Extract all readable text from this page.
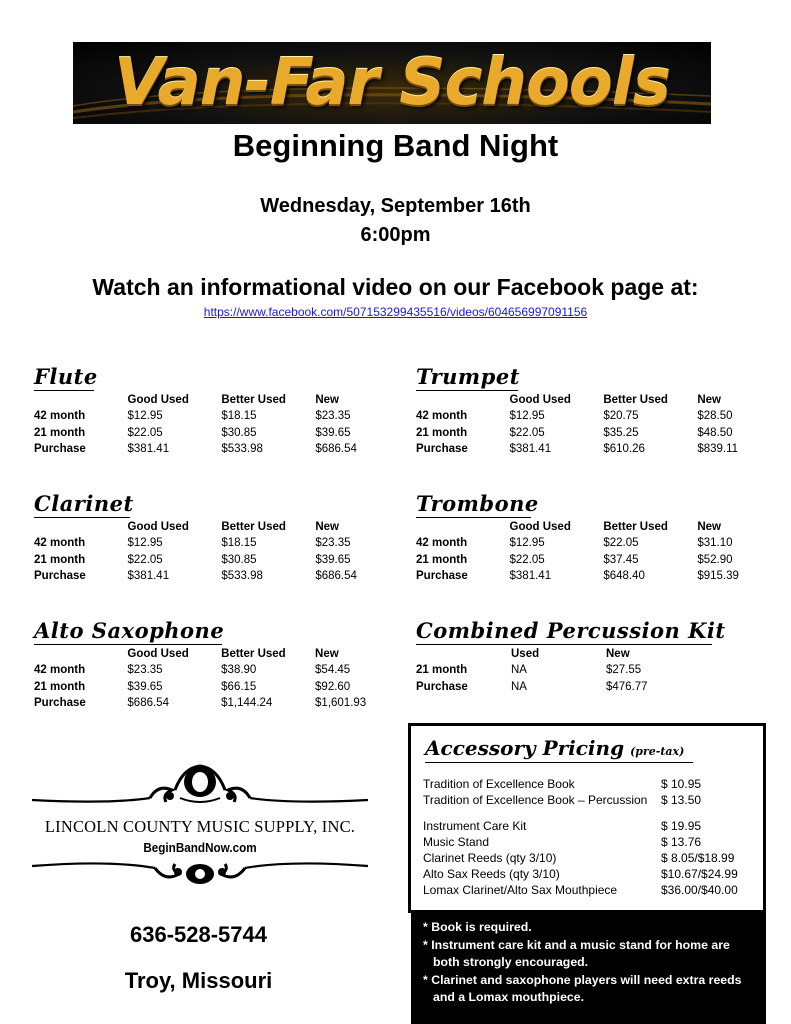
Van-Far Schools
Beginning Band Night
Wednesday, September 16th
6:00pm
Watch an informational video on our Facebook page at:
https://www.facebook.com/507153299435516/videos/604656997091156
Flute
	Good Used	Better Used	New
42 month	$12.95	$18.15	$23.35
21 month	$22.05	$30.85	$39.65
Purchase	$381.41	$533.98	$686.54
Trumpet
	Good Used	Better Used	New
42 month	$12.95	$20.75	$28.50
21 month	$22.05	$35.25	$48.50
Purchase	$381.41	$610.26	$839.11
Clarinet
	Good Used	Better Used	New
42 month	$12.95	$18.15	$23.35
21 month	$22.05	$30.85	$39.65
Purchase	$381.41	$533.98	$686.54
Trombone
	Good Used	Better Used	New
42 month	$12.95	$22.05	$31.10
21 month	$22.05	$37.45	$52.90
Purchase	$381.41	$648.40	$915.39
Alto Saxophone
	Good Used	Better Used	New
42 month	$23.35	$38.90	$54.45
21 month	$39.65	$66.15	$92.60
Purchase	$686.54	$1,144.24	$1,601.93
Combined Percussion Kit
	Used	New
21 month	NA	$27.55
Purchase	NA	$476.77
LINCOLN COUNTY MUSIC SUPPLY, INC.
BeginBandNow.com
636-528-5744
Troy, Missouri
Accessory Pricing (pre-tax)
Tradition of Excellence Book	$ 10.95
Tradition of Excellence Book – Percussion $ 13.50
Instrument Care Kit	$ 19.95
Music Stand	$ 13.76
Clarinet Reeds (qty 3/10)	$ 8.05/$18.99
Alto Sax Reeds (qty 3/10)	$10.67/$24.99
Lomax Clarinet/Alto Sax Mouthpiece	$36.00/$40.00
* Book is required.
* Instrument care kit and a music stand for home are both strongly encouraged.
* Clarinet and saxophone players will need extra reeds and a Lomax mouthpiece.
